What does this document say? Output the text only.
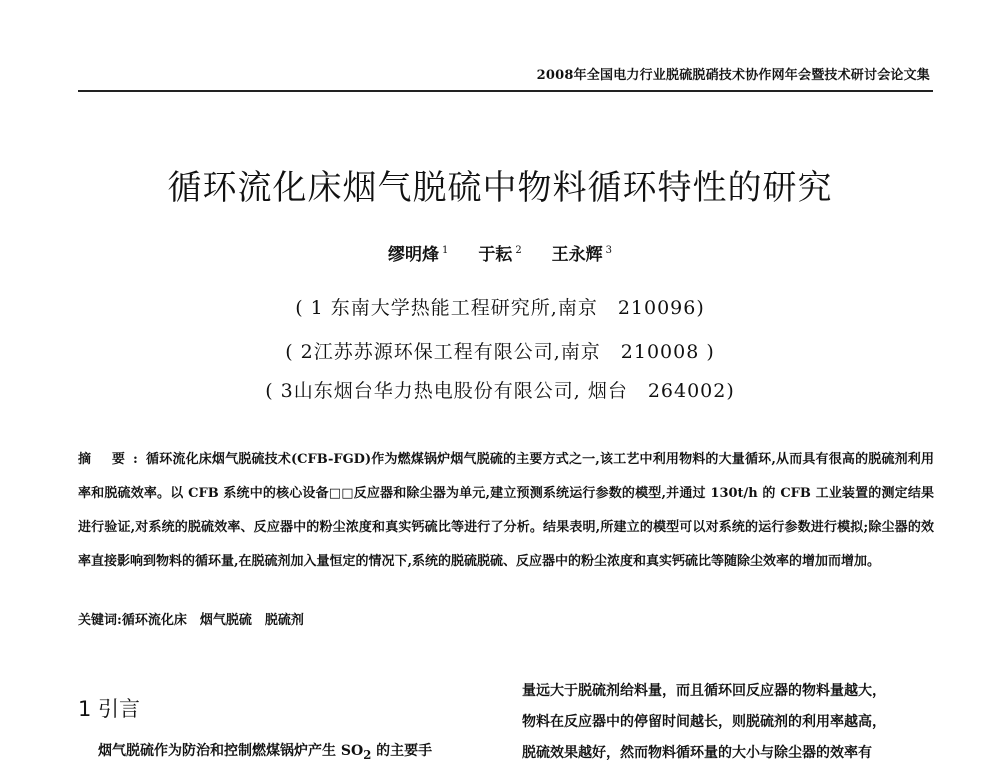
2008年全国电力行业脱硫脱硝技术协作网年会暨技术研讨会论文集
循环流化床烟气脱硫中物料循环特性的研究
缪明烽 $^1$ 于耘 $^2$ 王永辉 $^3$
( 1 东南大学热能工程研究所,南京　210096)
( 2江苏苏源环保工程有限公司,南京　210008 )
( 3山东烟台华力热电股份有限公司, 烟台　264002)
摘 要:循环流化床烟气脱硫技术(CFB-FGD)作为燃煤锅炉烟气脱硫的主要方式之一,该工艺中利用物料的大量循环,从而具有很高的脱硫剂利用率和脱硫效率。以 CFB 系统中的核心设备□□反应器和除尘器为单元,建立预测系统运行参数的模型,并通过 130t/h 的 CFB 工业装置的测定结果进行验证,对系统的脱硫效率、反应器中的粉尘浓度和真实钙硫比等进行了分析。结果表明,所建立的模型可以对系统的运行参数进行模拟;除尘器的效率直接影响到物料的循环量,在脱硫剂加入量恒定的情况下,系统的脱硫脱硫、反应器中的粉尘浓度和真实钙硫比等随除尘效率的增加而增加。
关键词:循环流化床　烟气脱硫　脱硫剂
1 引言
烟气脱硫作为防治和控制燃煤锅炉产生 $SO_2$ 的主要手
量远大于脱硫剂给料量，而且循环回反应器的物料量越大，
物料在反应器中的停留时间越长，则脱硫剂的利用率越高，
脱硫效果越好，然而物料循环量的大小与除尘器的效率有
